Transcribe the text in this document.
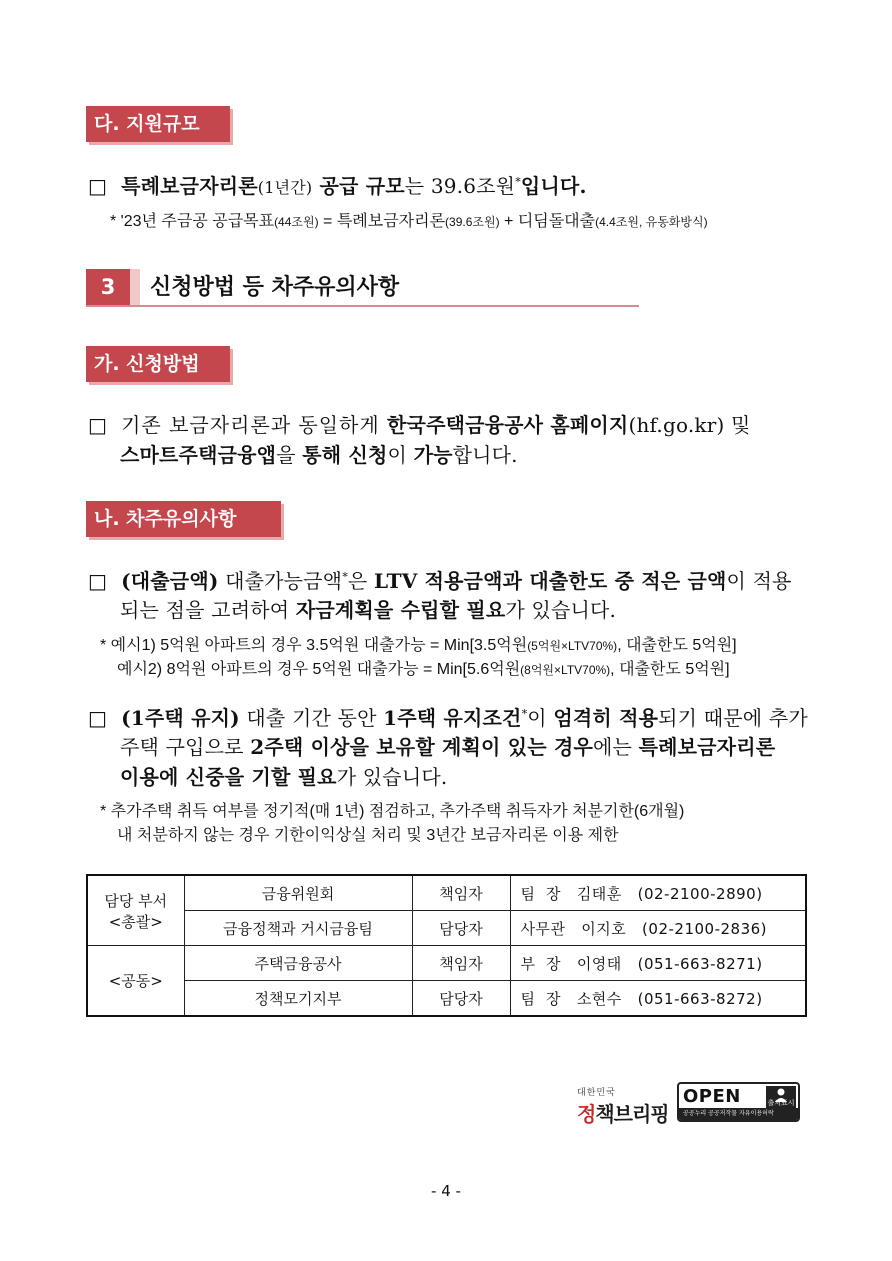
다. 지원규모
□ 특례보금자리론(1년간) 공급 규모는 39.6조원*입니다.
* '23년 주금공 공급목표(44조원) = 특례보금자리론(39.6조원) + 디딤돌대출(4.4조원, 유동화방식)
3	신청방법 등 차주유의사항
가. 신청방법
□ 기존 보금자리론과 동일하게 한국주택금융공사 홈페이지(hf.go.kr) 및
스마트주택금융앱을 통해 신청이 가능합니다.
나. 차주유의사항
□ (대출금액) 대출가능금액*은 LTV 적용금액과 대출한도 중 적은 금액이 적용
되는 점을 고려하여 자금계획을 수립할 필요가 있습니다.
* 예시1) 5억원 아파트의 경우 3.5억원 대출가능 = Min[3.5억원(5억원×LTV70%), 대출한도 5억원]
예시2) 8억원 아파트의 경우 5억원 대출가능 = Min[5.6억원(8억원×LTV70%), 대출한도 5억원]
□ (1주택 유지) 대출 기간 동안 1주택 유지조건*이 엄격히 적용되기 때문에 추가
주택 구입으로 2주택 이상을 보유할 계획이 있는 경우에는 특례보금자리론
이용에 신중을 기할 필요가 있습니다.
* 추가주택 취득 여부를 정기적(매 1년) 점검하고, 추가주택 취득자가 처분기한(6개월)
내 처분하지 않는 경우 기한이익상실 처리 및 3년간 보금자리론 이용 제한
담당 부서
<총괄>	금융위원회	책임자	팀  장   김태훈   (02-2100-2890)
	금융정책과 거시금융팀	담당자	사무관   이지호   (02-2100-2836)
<공동>	주택금융공사	책임자	부  장   이영태   (051-663-8271)
	정책모기지부	담당자	팀  장   소현수   (051-663-8272)
대한민국
정책브리핑
OPEN	출처표시
공공누리 공공저작물 자유이용허락
- 4 -
